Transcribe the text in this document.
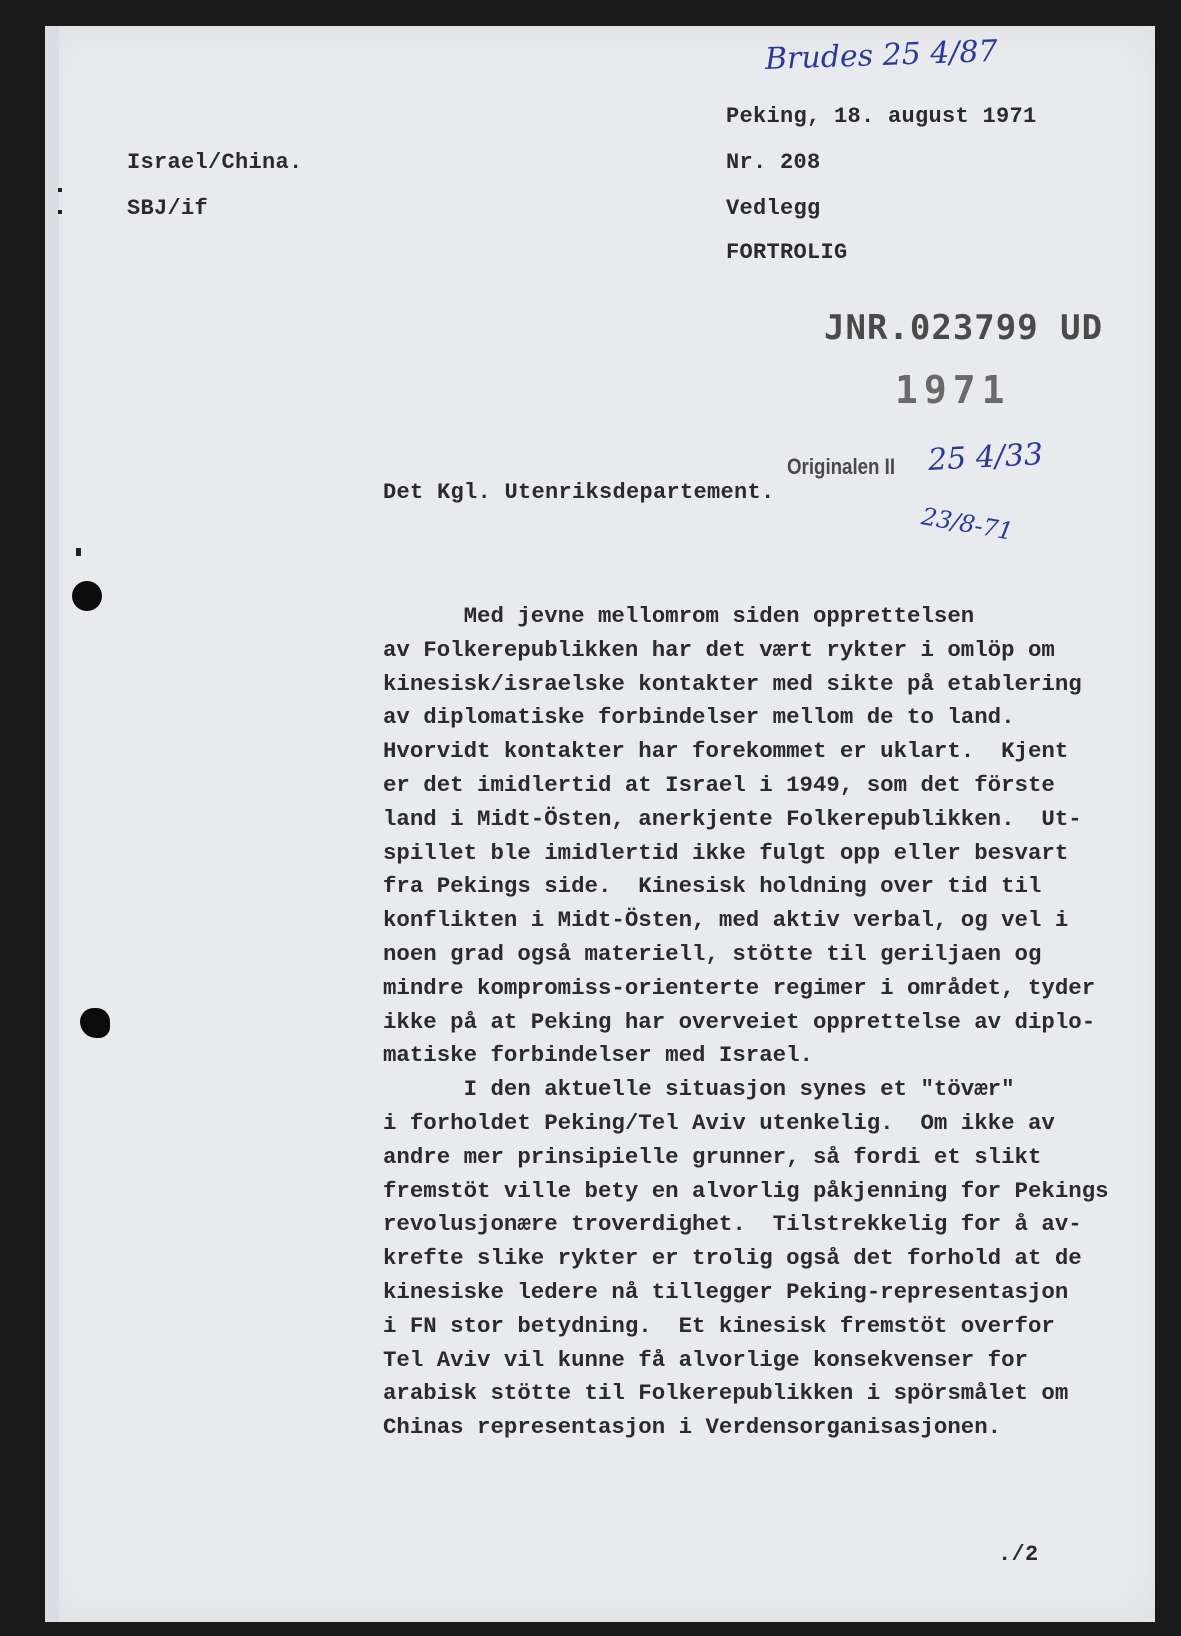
Brudes 25 4/87
Peking, 18. august 1971
Nr. 208
Vedlegg
FORTROLIG
Israel/China.
SBJ/if
JNR.023799 UD
1971
Originalen II 25 4/33
23/8-71
Det Kgl. Utenriksdepartement.
Med jevne mellomrom siden opprettelsen
av Folkerepublikken har det vært rykter i omlöp om
kinesisk/israelske kontakter med sikte på etablering
av diplomatiske forbindelser mellom de to land.
Hvorvidt kontakter har forekommet er uklart.  Kjent
er det imidlertid at Israel i 1949, som det förste
land i Midt-Östen, anerkjente Folkerepublikken.  Ut-
spillet ble imidlertid ikke fulgt opp eller besvart
fra Pekings side.  Kinesisk holdning over tid til
konflikten i Midt-Östen, med aktiv verbal, og vel i
noen grad også materiell, stötte til geriljaen og
mindre kompromiss-orienterte regimer i området, tyder
ikke på at Peking har overveiet opprettelse av diplo-
matiske forbindelser med Israel.
I den aktuelle situasjon synes et "tövær"
i forholdet Peking/Tel Aviv utenkelig.  Om ikke av
andre mer prinsipielle grunner, så fordi et slikt
fremstöt ville bety en alvorlig påkjenning for Pekings
revolusjonære troverdighet.  Tilstrekkelig for å av-
krefte slike rykter er trolig også det forhold at de
kinesiske ledere nå tillegger Peking-representasjon
i FN stor betydning.  Et kinesisk fremstöt overfor
Tel Aviv vil kunne få alvorlige konsekvenser for
arabisk stötte til Folkerepublikken i spörsmålet om
Chinas representasjon i Verdensorganisasjonen.
./2
